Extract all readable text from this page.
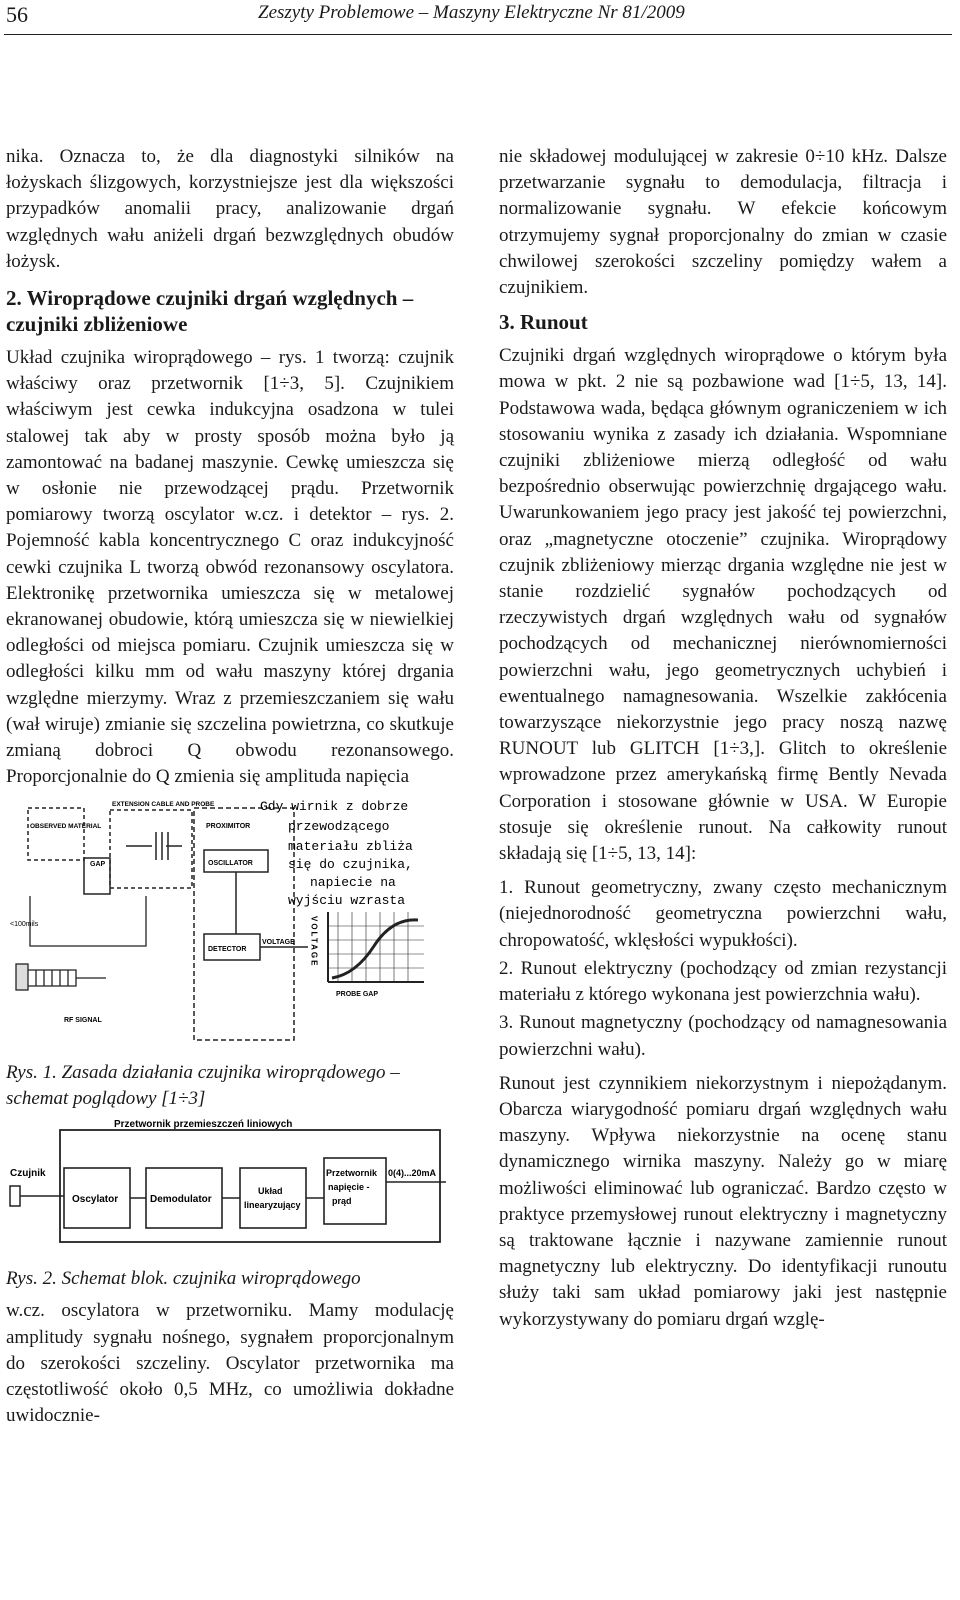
56	Zeszyty Problemowe – Maszyny Elektryczne Nr 81/2009

nika. Oznacza to, że dla diagnostyki silników na łożyskach ślizgowych, korzystniejsze jest dla większości przypadków anomalii pracy, analizowanie drgań względnych wału aniżeli drgań bezwzględnych obudów łożysk.

2. Wiroprądowe czujniki drgań względnych – czujniki zbliżeniowe

Układ czujnika wiroprądowego – rys. 1 tworzą: czujnik właściwy oraz przetwornik [1÷3, 5]. Czujnikiem właściwym jest cewka indukcyjna osadzona w tulei stalowej tak aby w prosty sposób można było ją zamontować na badanej maszynie. Cewkę umieszcza się w osłonie nie przewodzącej prądu. Przetwornik pomiarowy tworzą oscylator w.cz. i detektor – rys. 2. Pojemność kabla koncentrycznego C oraz indukcyjność cewki czujnika L tworzą obwód rezonansowy oscylatora. Elektronikę przetwornika umieszcza się w metalowej ekranowanej obudowie, którą umieszcza się w niewielkiej odległości od miejsca pomiaru. Czujnik umieszcza się w odległości kilku mm od wału maszyny której drgania względne mierzymy. Wraz z przemieszczaniem się wału (wał wiruje) zmianie się szczelina powietrzna, co skutkuje zmianą dobroci Q obwodu rezonansowego. Proporcjonalnie do Q zmienia się amplituda napięcia

OBSERVED MATERIAL
GAP
EXTENSION CABLE AND PROBE
PROXIMITOR
OSCILLATOR
DETECTOR
VOLTAGE
<100mils
RF SIGNAL
VOLTAGE
PROBE GAP
Gdy wirnik z dobrze
przewodzącego
materiału zbliża
się do czujnika,
napiecie na
wyjściu wzrasta
Rys. 1. Zasada działania czujnika wiroprądowego – schemat poglądowy [1÷3]
Przetwornik przemieszczeń liniowych
Czujnik
Oscylator	Demodulator
Układ
linearyzujący
Przetwornik
napięcie -
prąd
0(4)...20mA
Rys. 2. Schemat blok. czujnika wiroprądowego

w.cz. oscylatora w przetworniku. Mamy modulację amplitudy sygnału nośnego, sygnałem proporcjonalnym do szerokości szczeliny. Oscylator przetwornika ma częstotliwość około 0,5 MHz, co umożliwia dokładne uwidocznie-

nie składowej modulującej w zakresie 0÷10 kHz. Dalsze przetwarzanie sygnału to demodulacja, filtracja i normalizowanie sygnału. W efekcie końcowym otrzymujemy sygnał proporcjonalny do zmian w czasie chwilowej szerokości szczeliny pomiędzy wałem a czujnikiem.

3. Runout

Czujniki drgań względnych wiroprądowe o którym była mowa w pkt. 2 nie są pozbawione wad [1÷5, 13, 14]. Podstawowa wada, będąca głównym ograniczeniem w ich stosowaniu wynika z zasady ich działania. Wspomniane czujniki zbliżeniowe mierzą odległość od wału bezpośrednio obserwując powierzchnię drgającego wału. Uwarunkowaniem jego pracy jest jakość tej powierzchni, oraz „magnetyczne otoczenie” czujnika. Wiroprądowy czujnik zbliżeniowy mierząc drgania względne nie jest w stanie rozdzielić sygnałów pochodzących od rzeczywistych drgań względnych wału od sygnałów pochodzących od mechanicznej nierównomierności powierzchni wału, jego geometrycznych uchybień i ewentualnego namagnesowania. Wszelkie zakłócenia towarzyszące niekorzystnie jego pracy noszą nazwę RUNOUT lub GLITCH [1÷3,]. Glitch to określenie wprowadzone przez amerykańską firmę Bently Nevada Corporation i stosowane głównie w USA. W Europie stosuje się określenie runout. Na całkowity runout składają się [1÷5, 13, 14]:

1. Runout geometryczny, zwany często mechanicznym (niejednorodność geometryczna powierzchni wału, chropowatość, wklęsłości wypukłości).

2. Runout elektryczny (pochodzący od zmian rezystancji materiału z którego wykonana jest powierzchnia wału).

3. Runout magnetyczny (pochodzący od namagnesowania powierzchni wału).

Runout jest czynnikiem niekorzystnym i niepożądanym. Obarcza wiarygodność pomiaru drgań względnych wału maszyny. Wpływa niekorzystnie na ocenę stanu dynamicznego wirnika maszyny. Należy go w miarę możliwości eliminować lub ograniczać. Bardzo często w praktyce przemysłowej runout elektryczny i magnetyczny są traktowane łącznie i nazywane zamiennie runout magnetyczny lub elektryczny. Do identyfikacji runoutu służy taki sam układ pomiarowy jaki jest następnie wykorzystywany do pomiaru drgań wzglę-
